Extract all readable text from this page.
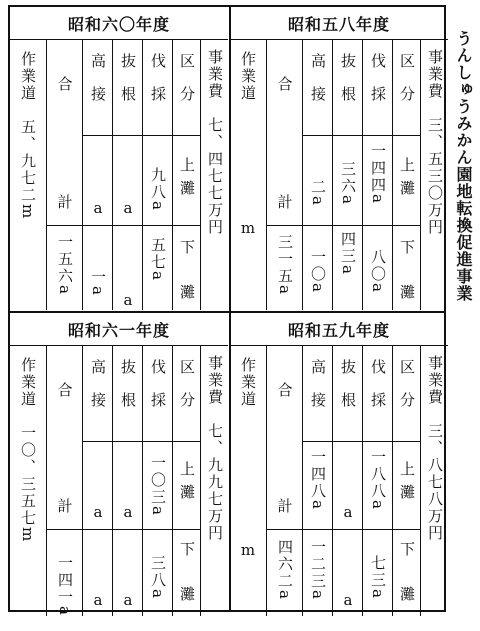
うんしゅうみかん園地転換促進事業
昭和六〇年度
作業道　五、九七二m 合
計
一五六a
高接
a
一a
抜根
a
a
伐採
九八a
五七a
区分
上灘
下灘
事業費　七、四七七万円
昭和五八年度
作業道
m
合
計
三一五a
高接
二a
一〇a
抜根
三六a
四三a
伐採
一四四a
八〇a
区分
上灘
下灘
事業費　三、五三〇万円
昭和六一年度
作業道　一〇、三五七m 合
計
一四一a
高接
a
a
抜根
a
a
伐採
一〇三a
三八a
区分
上灘
下灘
事業費　七、九九七万円
昭和五九年度
作業道
m
合
計
四六二a
高接
一四八a
一二三a
抜根
a
a
伐採
一八八a
七三a
区分
上灘
下灘
事業費　三、八七八万円
